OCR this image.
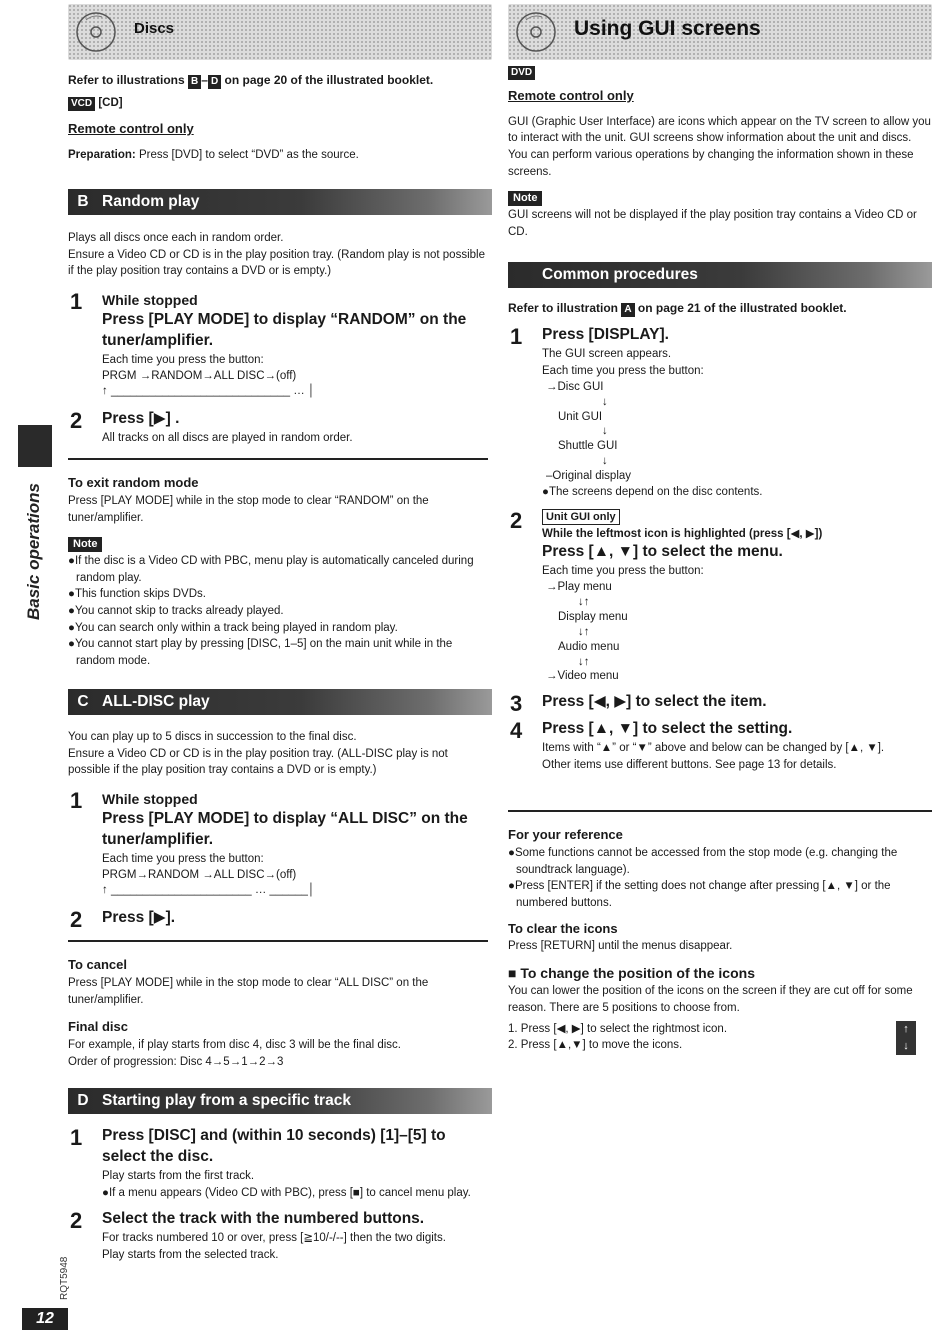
Basic operations
RQT5948
12
Discs

Refer to illustrations B – D on page 20 of the illustrated booklet.

VCD [CD]

Remote control only

Preparation: Press [DVD] to select “DVD” as the source.

B Random play

Plays all discs once each in random order.

Ensure a Video CD or CD is in the play position tray. (Random play is not possible if the play position tray contains a DVD or is empty.)

1 While stopped
Press [PLAY MODE] to display “RANDOM” on the tuner/amplifier.
Each time you press the button:
PRGM →RANDOM→ALL DISC→(off)
↑ ____________________________ … │
2 Press [▶] .
All tracks on all discs are played in random order.

To exit random mode

Press [PLAY MODE] while in the stop mode to clear “RANDOM” on the tuner/amplifier.

Note
●If the disc is a Video CD with PBC, menu play is automatically canceled during random play.
●This function skips DVDs.
●You cannot skip to tracks already played.
●You can search only within a track being played in random play.
●You cannot start play by pressing [DISC, 1–5] on the main unit while in the random mode.
C ALL-DISC play

You can play up to 5 discs in succession to the final disc.

Ensure a Video CD or CD is in the play position tray. (ALL-DISC play is not possible if the play position tray contains a DVD or is empty.)

1 While stopped
Press [PLAY MODE] to display “ALL DISC” on the tuner/amplifier.
Each time you press the button:
PRGM→RANDOM →ALL DISC→(off)
↑ ______________________ … ______│
2 Press [▶].

To cancel

Press [PLAY MODE] while in the stop mode to clear “ALL DISC” on the tuner/amplifier.

Final disc

For example, if play starts from disc 4, disc 3 will be the final disc.

Order of progression: Disc 4→5→1→2→3

D Starting play from a specific track
1 Press [DISC] and (within 10 seconds) [1]–[5] to select the disc.
Play starts from the first track.
●If a menu appears (Video CD with PBC), press [■] to cancel menu play.
2 Select the track with the numbered buttons.
For tracks numbered 10 or over, press [≧10/-/--] then the two digits.
Play starts from the selected track.
Using GUI screens
DVD

Remote control only

GUI (Graphic User Interface) are icons which appear on the TV screen to allow you to interact with the unit. GUI screens show information about the unit and discs. You can perform various operations by changing the information shown in these screens.

Note

GUI screens will not be displayed if the play position tray contains a Video CD or CD.

Common procedures

Refer to illustration A on page 21 of the illustrated booklet.

1 Press [DISPLAY].
The GUI screen appears.
Each time you press the button:
→Disc GUI
↓
Unit GUI
↓
Shuttle GUI
↓
–Original display
●The screens depend on the disc contents.
2	Unit GUI only
While the leftmost icon is highlighted (press [◀, ▶])
Press [▲, ▼] to select the menu.
Each time you press the button:
→Play menu
↓↑
Display menu
↓↑
Audio menu
↓↑
→Video menu
3 Press [◀, ▶] to select the item.
4 Press [▲, ▼] to select the setting.
Items with “▲” or “▼” above and below can be changed by [▲, ▼].
Other items use different buttons. See page 13 for details.

For your reference

●Some functions cannot be accessed from the stop mode (e.g. changing the soundtrack language).
●Press [ENTER] if the setting does not change after pressing [▲, ▼] or the numbered buttons.

To clear the icons

Press [RETURN] until the menus disappear.

■ To change the position of the icons

You can lower the position of the icons on the screen if they are cut off for some reason. There are 5 positions to choose from.

1. Press [◀, ▶] to select the rightmost icon.
2. Press [▲,▼] to move the icons.
↑
↓
